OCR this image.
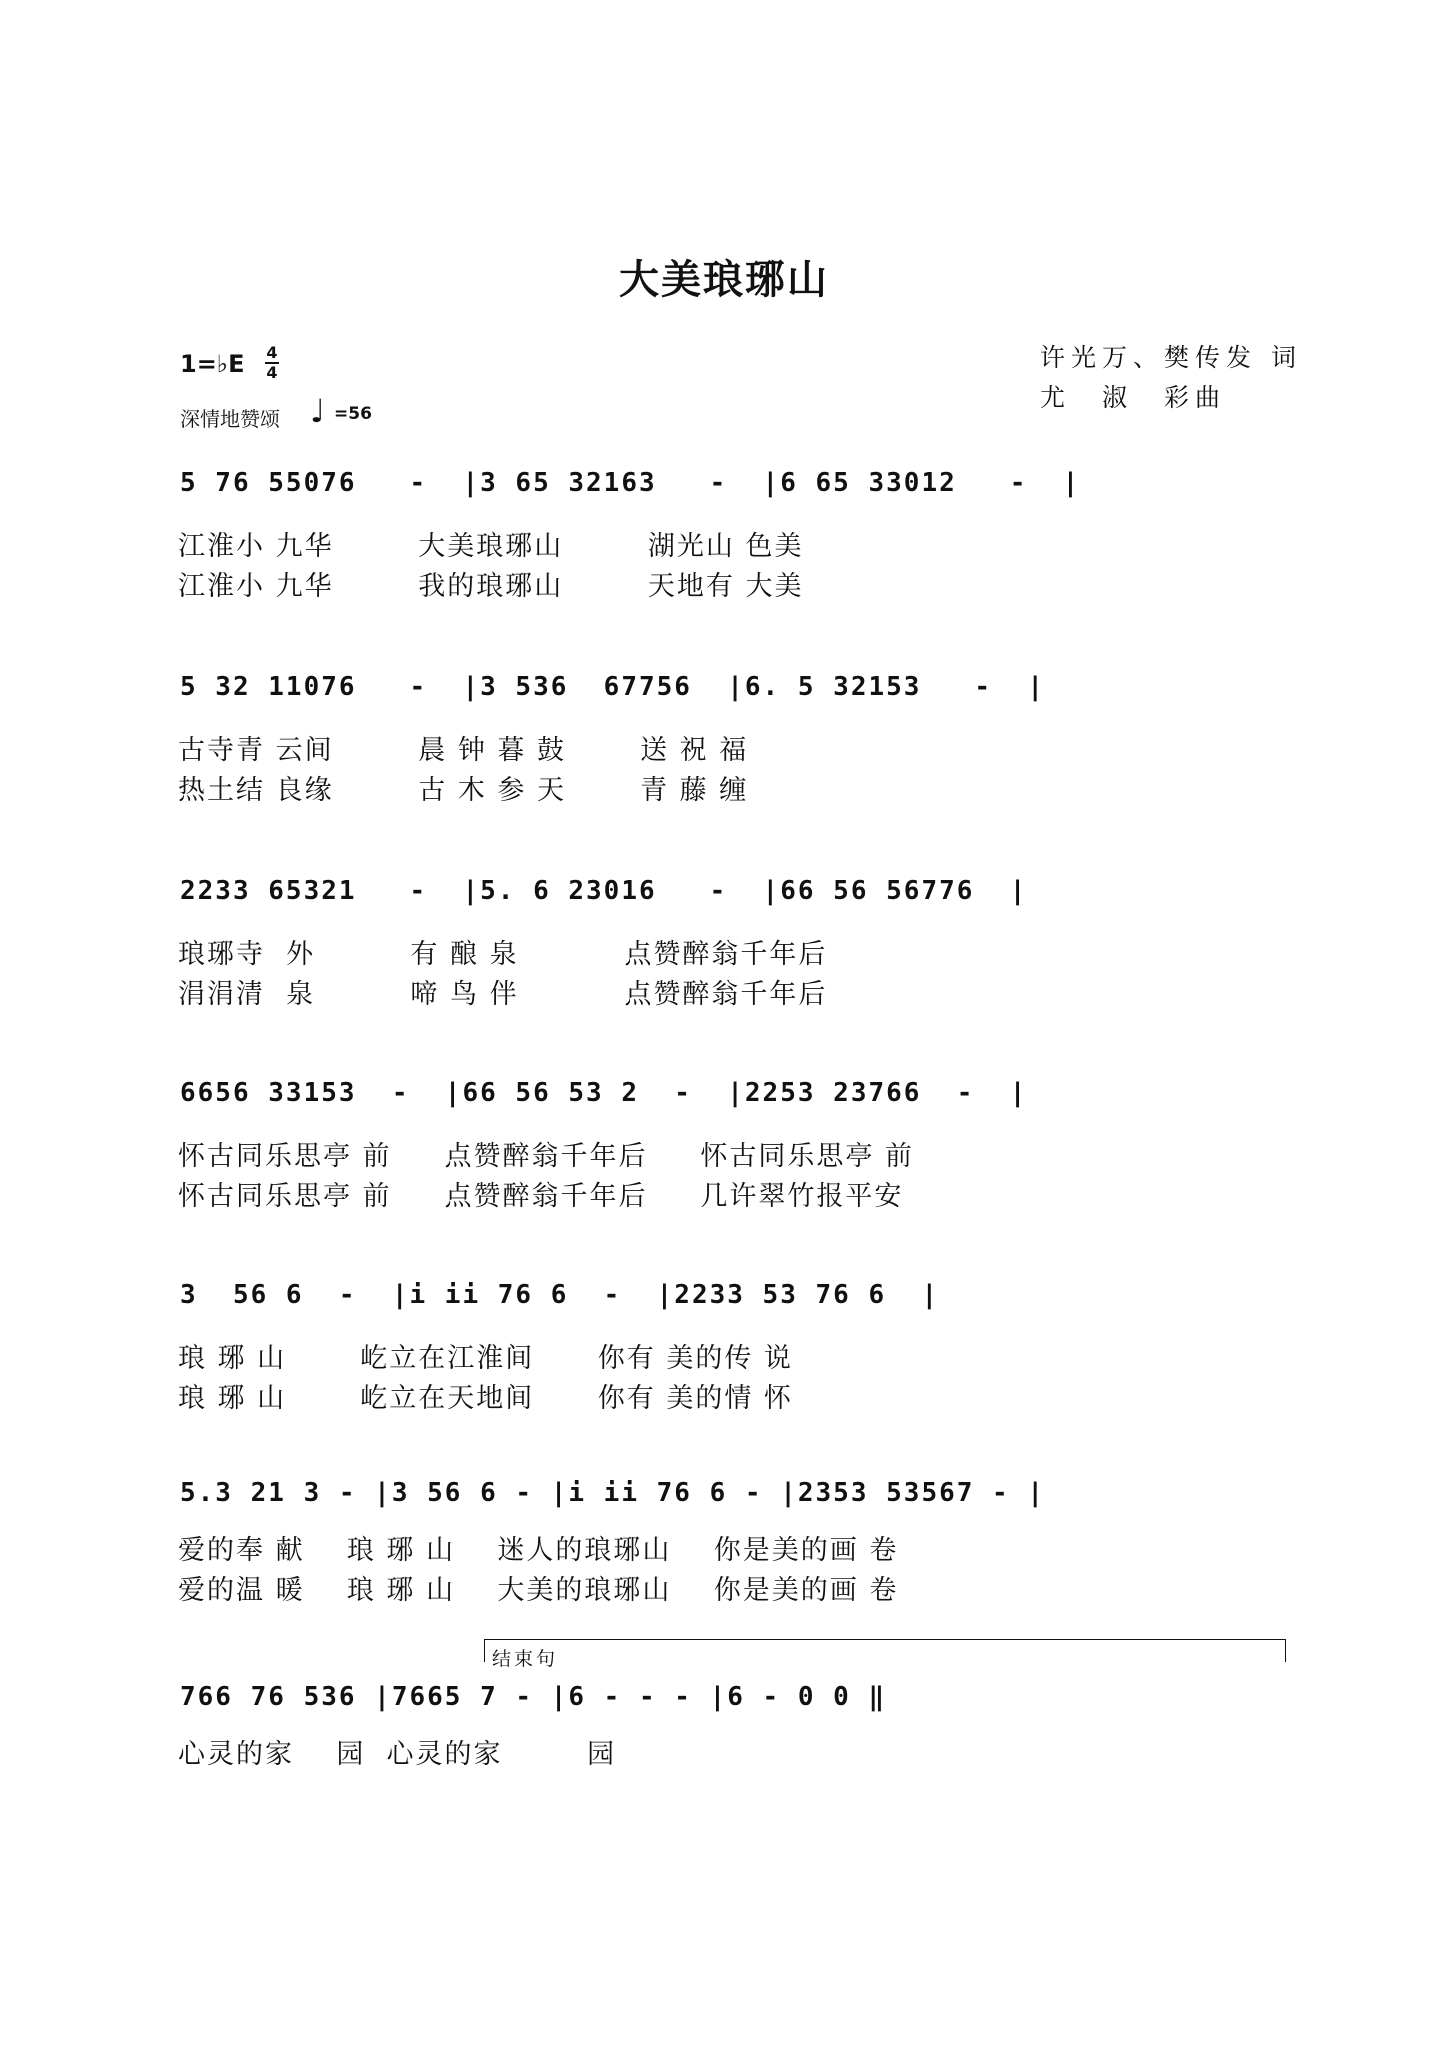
大美琅琊山
许光万、樊传发 词
尤　淑　彩曲
1=♭E 4
4
深情地赞颂 ♩ =56
5 76 55076   -  |3 65 32163   -  |6 65 33012   -  |
江淮小 九华        大美琅琊山        湖光山 色美
江淮小 九华        我的琅琊山        天地有 大美
5 32 11076   -  |3 536  67756  |6. 5 32153   -  |
古寺青 云间        晨 钟 暮 鼓       送 祝 福
热土结 良缘        古 木 参 天       青 藤 缠
2233 65321   -  |5. 6 23016   -  |66 56 56776  |
琅琊寺  外         有 酿 泉          点赞醉翁千年后
涓涓清  泉         啼 鸟 伴          点赞醉翁千年后
6656 33153  -  |66 56 53 2  -  |2253 23766  -  |
怀古同乐思亭 前     点赞醉翁千年后     怀古同乐思亭 前
怀古同乐思亭 前     点赞醉翁千年后     几许翠竹报平安
3  56 6  -  |i ii 76 6  -  |2233 53 76 6  |
琅 琊 山       屹立在江淮间      你有 美的传 说
琅 琊 山       屹立在天地间      你有 美的情 怀
5.3 21 3 - |3 56 6 - |i ii 76 6 - |2353 53567 - |
爱的奉 献    琅 琊 山    迷人的琅琊山    你是美的画 卷
爱的温 暖    琅 琊 山    大美的琅琊山    你是美的画 卷
结束句
766 76 536 |7665 7 - |6 - - - |6 - 0 0 ‖
心灵的家    园  心灵的家        园
